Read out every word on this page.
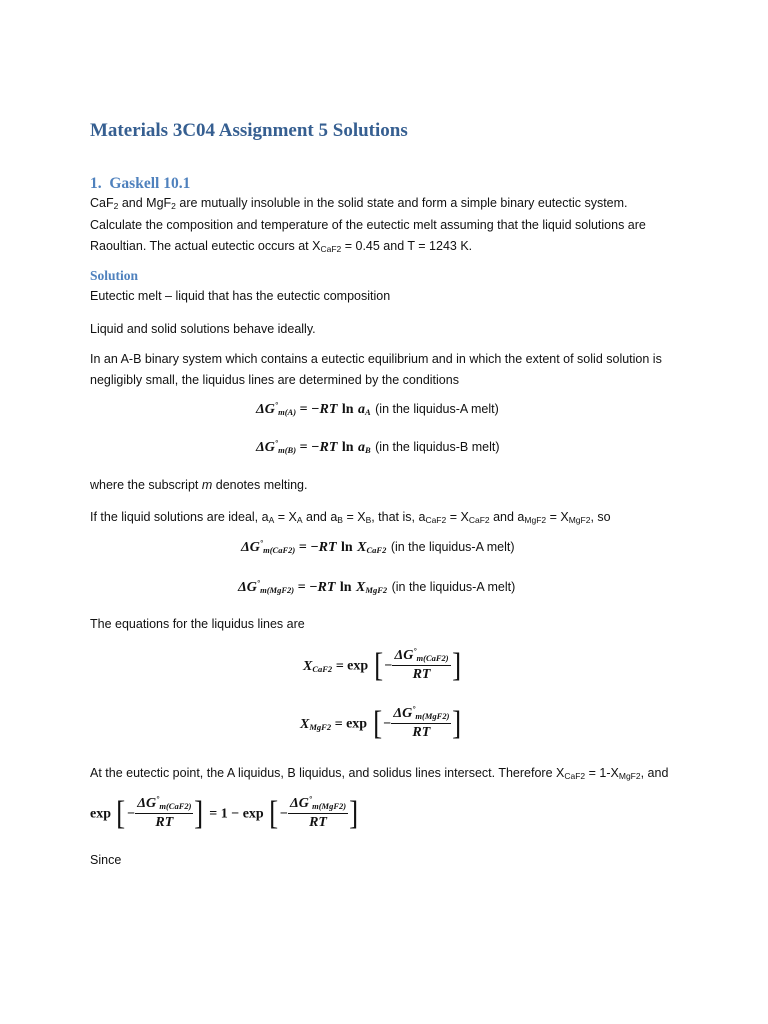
Materials 3C04 Assignment 5 Solutions
1. Gaskell 10.1
CaF$_2$ and MgF$_2$ are mutually insoluble in the solid state and form a simple binary eutectic system.
Calculate the composition and temperature of the eutectic melt assuming that the liquid solutions are
Raoultian. The actual eutectic occurs at $X_{CaF2} = 0.45$ and T = 1243 K.
Solution
Eutectic melt – liquid that has the eutectic composition
Liquid and solid solutions behave ideally.
In an A-B binary system which contains a eutectic equilibrium and in which the extent of solid solution is
negligibly small, the liquidus lines are determined by the conditions
$\Delta G^\circ_{m(A)} = -RT$ $\ln a_A$ (in the liquidus-A melt)
$\Delta G^\circ_{m(B)} = -RT$ $\ln a_B$ (in the liquidus-B melt)
where the subscript m denotes melting.
If the liquid solutions are ideal, $a_A = X_A$ and $a_B = X_B$, that is, $a_{CaF2} = X_{CaF2}$ and $a_{MgF2} = X_{MgF2}$, so
$\Delta G^\circ_{m(CaF2)} = -RT$ $\ln X_{CaF2}$ (in the liquidus-A melt)
$\Delta G^\circ_{m(MgF2)} = -RT$ $\ln X_{MgF2}$ (in the liquidus-A melt)
The equations for the liquidus lines are
$X_{CaF2} = \exp$ [− $\frac{\Delta G^\circ_{m(CaF2)}}{RT}$ ]
$X_{MgF2} = \exp$ [− $\frac{\Delta G^\circ_{m(MgF2)}}{RT}$ ]
At the eutectic point, the A liquidus, B liquidus, and solidus lines intersect. Therefore $X_{CaF2} = 1-X_{MgF2}$, and
exp [− $\frac{\Delta G^\circ_{m(CaF2)}}{RT}$ ] = 1 − exp [− $\frac{\Delta G^\circ_{m(MgF2)}}{RT}$ ]
Since
